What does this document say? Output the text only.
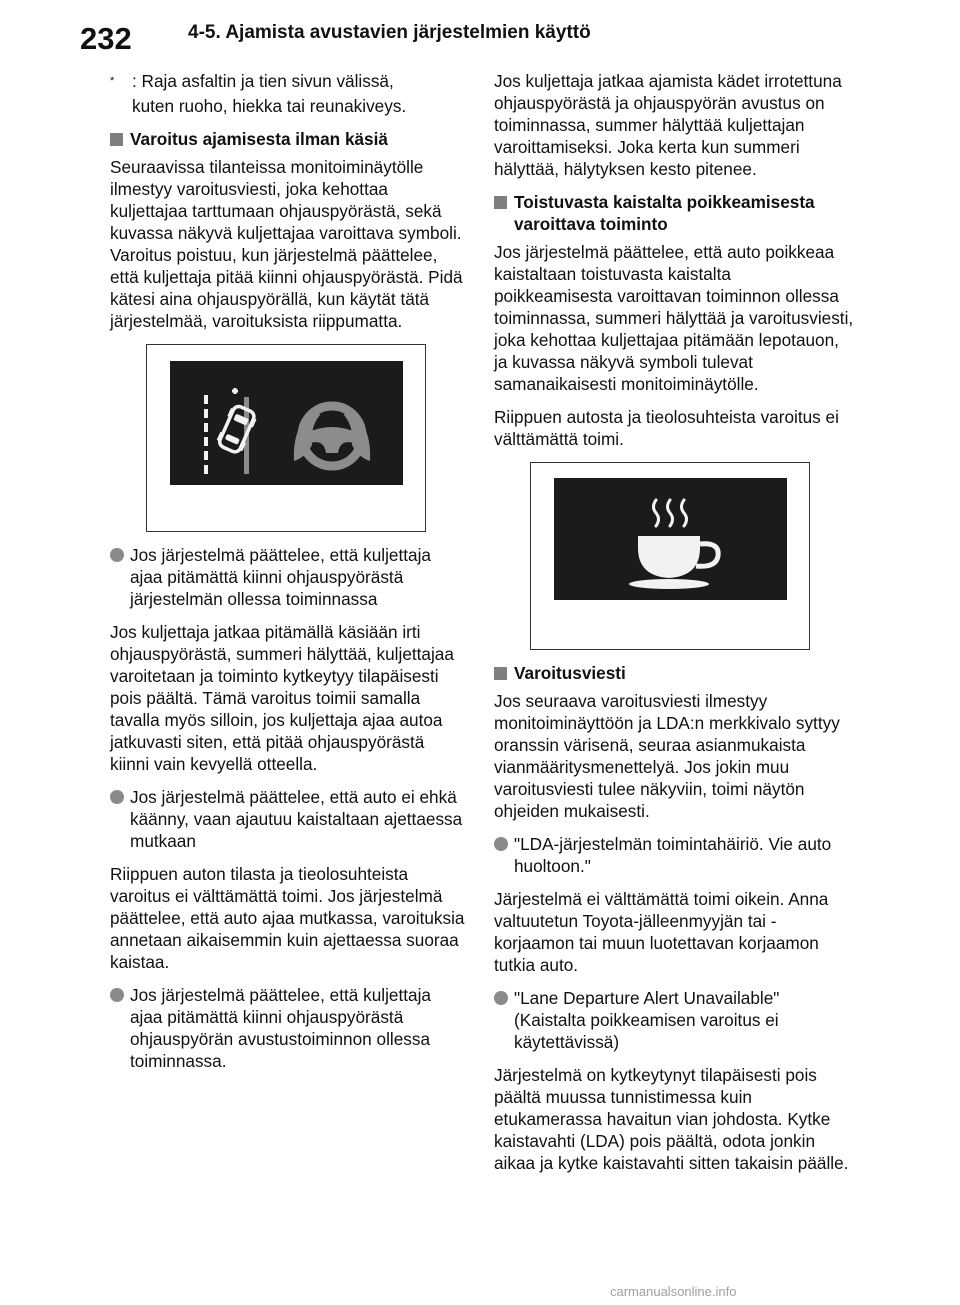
232	4-5. Ajamista avustavien järjestelmien käyttö
* : Raja asfaltin ja tien sivun välissä,
kuten ruoho, hiekka tai reunakiveys.
Varoitus ajamisesta ilman käsiä

Seuraavissa tilanteissa monitoiminäytölle ilmestyy varoitusviesti, joka kehottaa kuljettajaa tarttumaan ohjauspyörästä, sekä kuvassa näkyvä kuljettajaa varoittava symboli. Varoitus poistuu, kun järjestelmä päättelee, että kuljettaja pitää kiinni ohjauspyörästä. Pidä kätesi aina ohjauspyörällä, kun käytät tätä järjestelmää, varoituksista riippumatta.

Jos järjestelmä päättelee, että kuljettaja ajaa pitämättä kiinni ohjauspyörästä järjestelmän ollessa toiminnassa

Jos kuljettaja jatkaa pitämällä käsiään irti ohjauspyörästä, summeri hälyttää, kuljettajaa varoitetaan ja toiminto kytkeytyy tilapäisesti pois päältä. Tämä varoitus toimii samalla tavalla myös silloin, jos kuljettaja ajaa autoa jatkuvasti siten, että pitää ohjauspyörästä kiinni vain kevyellä otteella.

Jos järjestelmä päättelee, että auto ei ehkä käänny, vaan ajautuu kaistaltaan ajettaessa mutkaan

Riippuen auton tilasta ja tieolosuhteista varoitus ei välttämättä toimi. Jos järjestelmä päättelee, että auto ajaa mutkassa, varoituksia annetaan aikaisemmin kuin ajettaessa suoraa kaistaa.

Jos järjestelmä päättelee, että kuljettaja ajaa pitämättä kiinni ohjauspyörästä ohjauspyörän avustustoiminnon ollessa toiminnassa.

Jos kuljettaja jatkaa ajamista kädet irrotettuna ohjauspyörästä ja ohjauspyörän avustus on toiminnassa, summer hälyttää kuljettajan varoittamiseksi. Joka kerta kun summeri hälyttää, hälytyksen kesto pitenee.

Toistuvasta kaistalta poikkeamisesta varoittava toiminto

Jos järjestelmä päättelee, että auto poikkeaa kaistaltaan toistuvasta kaistalta poikkeamisesta varoittavan toiminnon ollessa toiminnassa, summeri hälyttää ja varoitusviesti, joka kehottaa kuljettajaa pitämään lepotauon, ja kuvassa näkyvä symboli tulevat samanaikaisesti monitoiminäytölle.

Riippuen autosta ja tieolosuhteista varoitus ei välttämättä toimi.

Varoitusviesti

Jos seuraava varoitusviesti ilmestyy monitoiminäyttöön ja LDA:n merkkivalo syttyy oranssin värisenä, seuraa asianmukaista vianmääritysmenettelyä. Jos jokin muu varoitusviesti tulee näkyviin, toimi näytön ohjeiden mukaisesti.

"LDA-järjestelmän toimintahäiriö. Vie auto huoltoon."

Järjestelmä ei välttämättä toimi oikein. Anna valtuutetun Toyota-jälleenmyyjän tai -korjaamon tai muun luotettavan korjaamon tutkia auto.

"Lane Departure Alert Unavailable" (Kaistalta poikkeamisen varoitus ei käytettävissä)

Järjestelmä on kytkeytynyt tilapäisesti pois päältä muussa tunnistimessa kuin etukamerassa havaitun vian johdosta. Kytke kaistavahti (LDA) pois päältä, odota jonkin aikaa ja kytke kaistavahti sitten takaisin päälle.

carmanualsonline.info
